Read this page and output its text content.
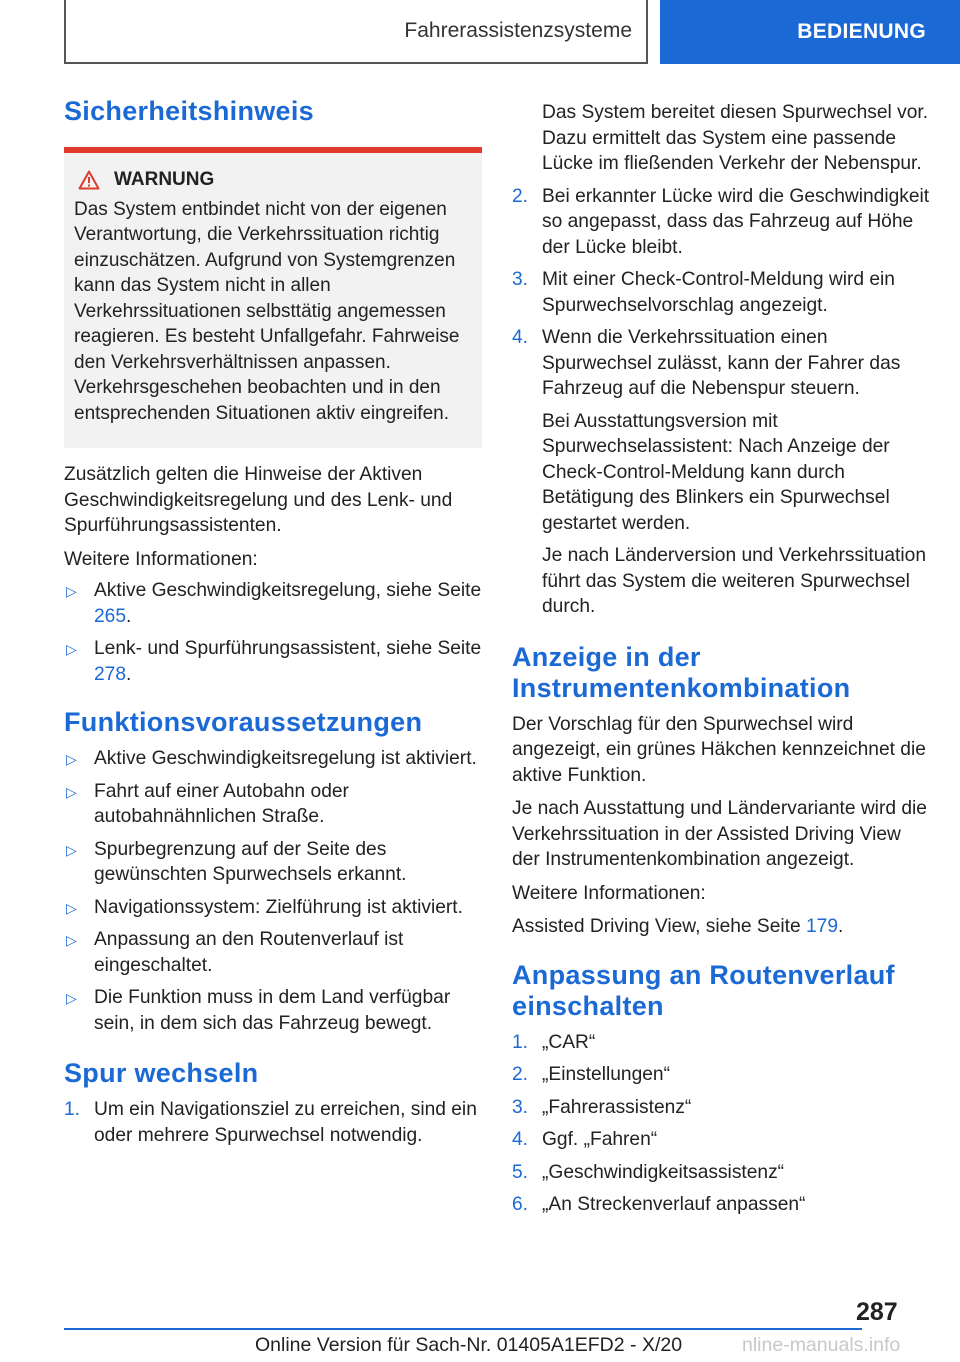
Fahrerassistenzsysteme	BEDIENUNG
Sicherheitshinweis
WARNUNG
Das System entbindet nicht von der eigenen Verantwortung, die Verkehrssituation richtig einzuschätzen. Aufgrund von Systemgrenzen kann das System nicht in allen Verkehrssituationen selbsttätig angemessen reagieren. Es besteht Unfallgefahr. Fahrweise den Verkehrsverhältnissen anpassen. Verkehrsgeschehen beobachten und in den entsprechenden Situationen aktiv eingreifen.

Zusätzlich gelten die Hinweise der Aktiven Geschwindigkeitsregelung und des Lenk- und Spurführungsassistenten.

Weitere Informationen:

▷ Aktive Geschwindigkeitsregelung, siehe Seite 265.
▷ Lenk- und Spurführungsassistent, siehe Seite 278.
Funktionsvoraussetzungen
▷ Aktive Geschwindigkeitsregelung ist aktiviert.
▷ Fahrt auf einer Autobahn oder autobahnähnlichen Straße.
▷ Spurbegrenzung auf der Seite des gewünschten Spurwechsels erkannt.
▷ Navigationssystem: Zielführung ist aktiviert.
▷ Anpassung an den Routenverlauf ist eingeschaltet.
▷ Die Funktion muss in dem Land verfügbar sein, in dem sich das Fahrzeug bewegt.
Spur wechseln
1. Um ein Navigationsziel zu erreichen, sind ein oder mehrere Spurwechsel notwendig.
Das System bereitet diesen Spurwechsel vor. Dazu ermittelt das System eine passende Lücke im fließenden Verkehr der Nebenspur.
2. Bei erkannter Lücke wird die Geschwindigkeit so angepasst, dass das Fahrzeug auf Höhe der Lücke bleibt.
3. Mit einer Check-Control-Meldung wird ein Spurwechselvorschlag angezeigt.
4. Wenn die Verkehrssituation einen Spurwechsel zulässt, kann der Fahrer das Fahrzeug auf die Nebenspur steuern.
Bei Ausstattungsversion mit Spurwechselassistent: Nach Anzeige der Check-Control-Meldung kann durch Betätigung des Blinkers ein Spurwechsel gestartet werden.
Je nach Länderversion und Verkehrssituation führt das System die weiteren Spurwechsel durch.
Anzeige in der Instrumentenkombination

Der Vorschlag für den Spurwechsel wird angezeigt, ein grünes Häkchen kennzeichnet die aktive Funktion.

Je nach Ausstattung und Ländervariante wird die Verkehrssituation in der Assisted Driving View der Instrumentenkombination angezeigt.

Weitere Informationen:

Assisted Driving View, siehe Seite 179.

Anpassung an Routenverlauf einschalten
1. „CAR“
2. „Einstellungen“
3. „Fahrerassistenz“
4. Ggf. „Fahren“
5. „Geschwindigkeitsassistenz“
6. „An Streckenverlauf anpassen“
287
Online Version für Sach-Nr. 01405A1EFD2 - X/20	nline-manuals.info
